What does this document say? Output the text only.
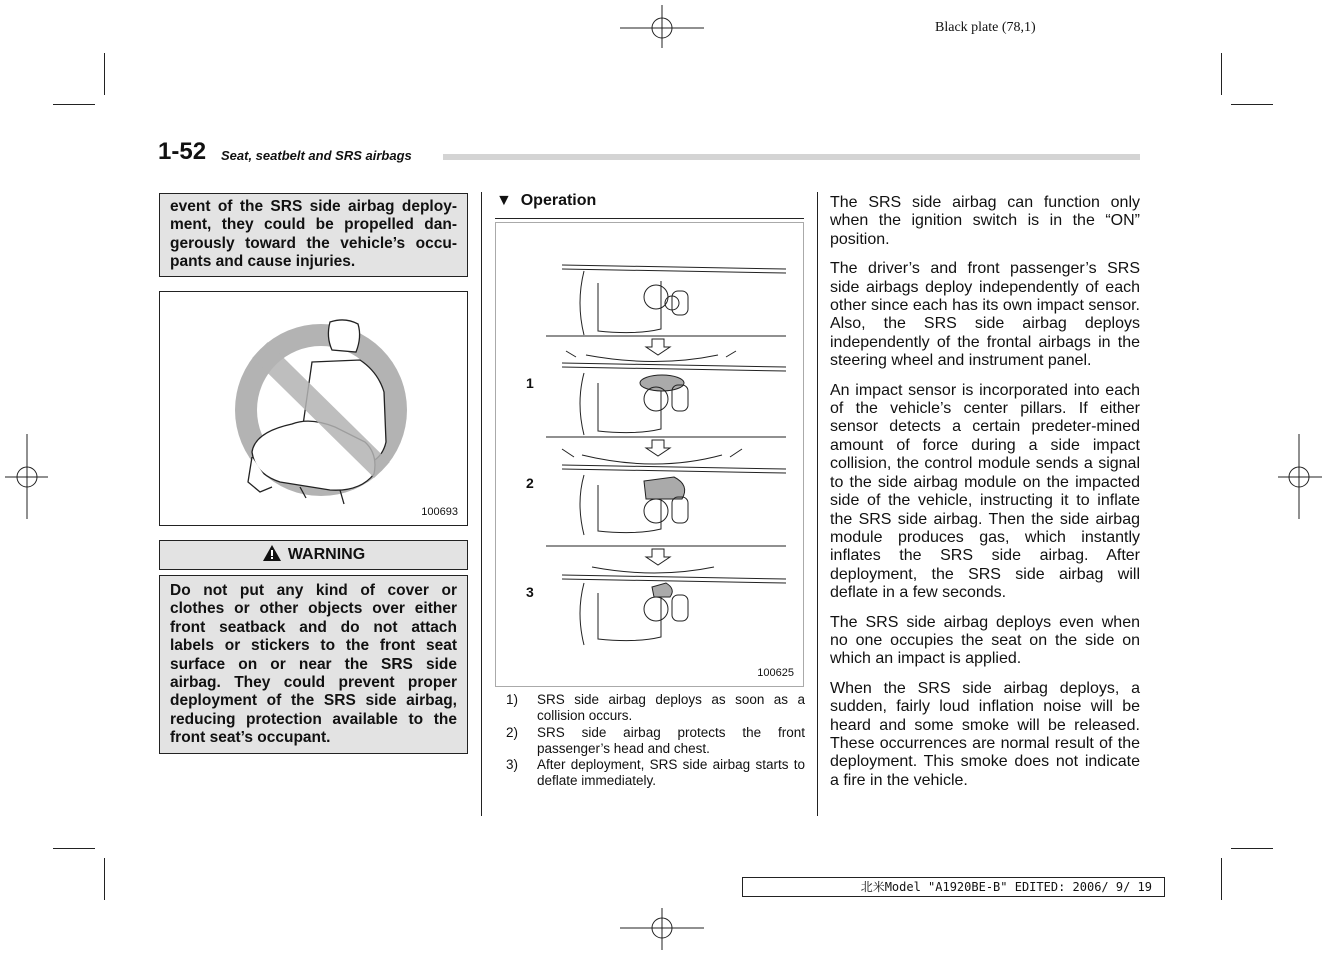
Black plate (78,1)
1-52 Seat, seatbelt and SRS airbags
event of the SRS side airbag deploy-ment, they could be propelled dan-gerously toward the vehicle’s occu-pants and cause injuries.
100693
WARNING
Do not put any kind of cover or clothes or other objects over either front seatback and do not attach labels or stickers to the front seat surface on or near the SRS side airbag. They could prevent proper deployment of the SRS side airbag, reducing protection available to the front seat’s occupant.
▼ Operation
1
2
3
100625
1) SRS side airbag deploys as soon as a collision occurs.
2) SRS side airbag protects the front passenger’s head and chest.
3) After deployment, SRS side airbag starts to deflate immediately.

The SRS side airbag can function only when the ignition switch is in the “ON” position.

The driver’s and front passenger’s SRS side airbags deploy independently of each other since each has its own impact sensor. Also, the SRS side airbag deploys independently of the frontal airbags in the steering wheel and instrument panel.

An impact sensor is incorporated into each of the vehicle’s center pillars. If either sensor detects a certain predeter-mined amount of force during a side impact collision, the control module sends a signal to the side airbag module on the impacted side of the vehicle, instructing it to inflate the SRS side airbag. Then the side airbag module produces gas, which instantly inflates the SRS side airbag. After deployment, the SRS side airbag will deflate in a few seconds.

The SRS side airbag deploys even when no one occupies the seat on the side on which an impact is applied.

When the SRS side airbag deploys, a sudden, fairly loud inflation noise will be heard and some smoke will be released. These occurrences are normal result of the deployment. This smoke does not indicate a fire in the vehicle.

北米Model "A1920BE-B" EDITED: 2006/ 9/ 19
